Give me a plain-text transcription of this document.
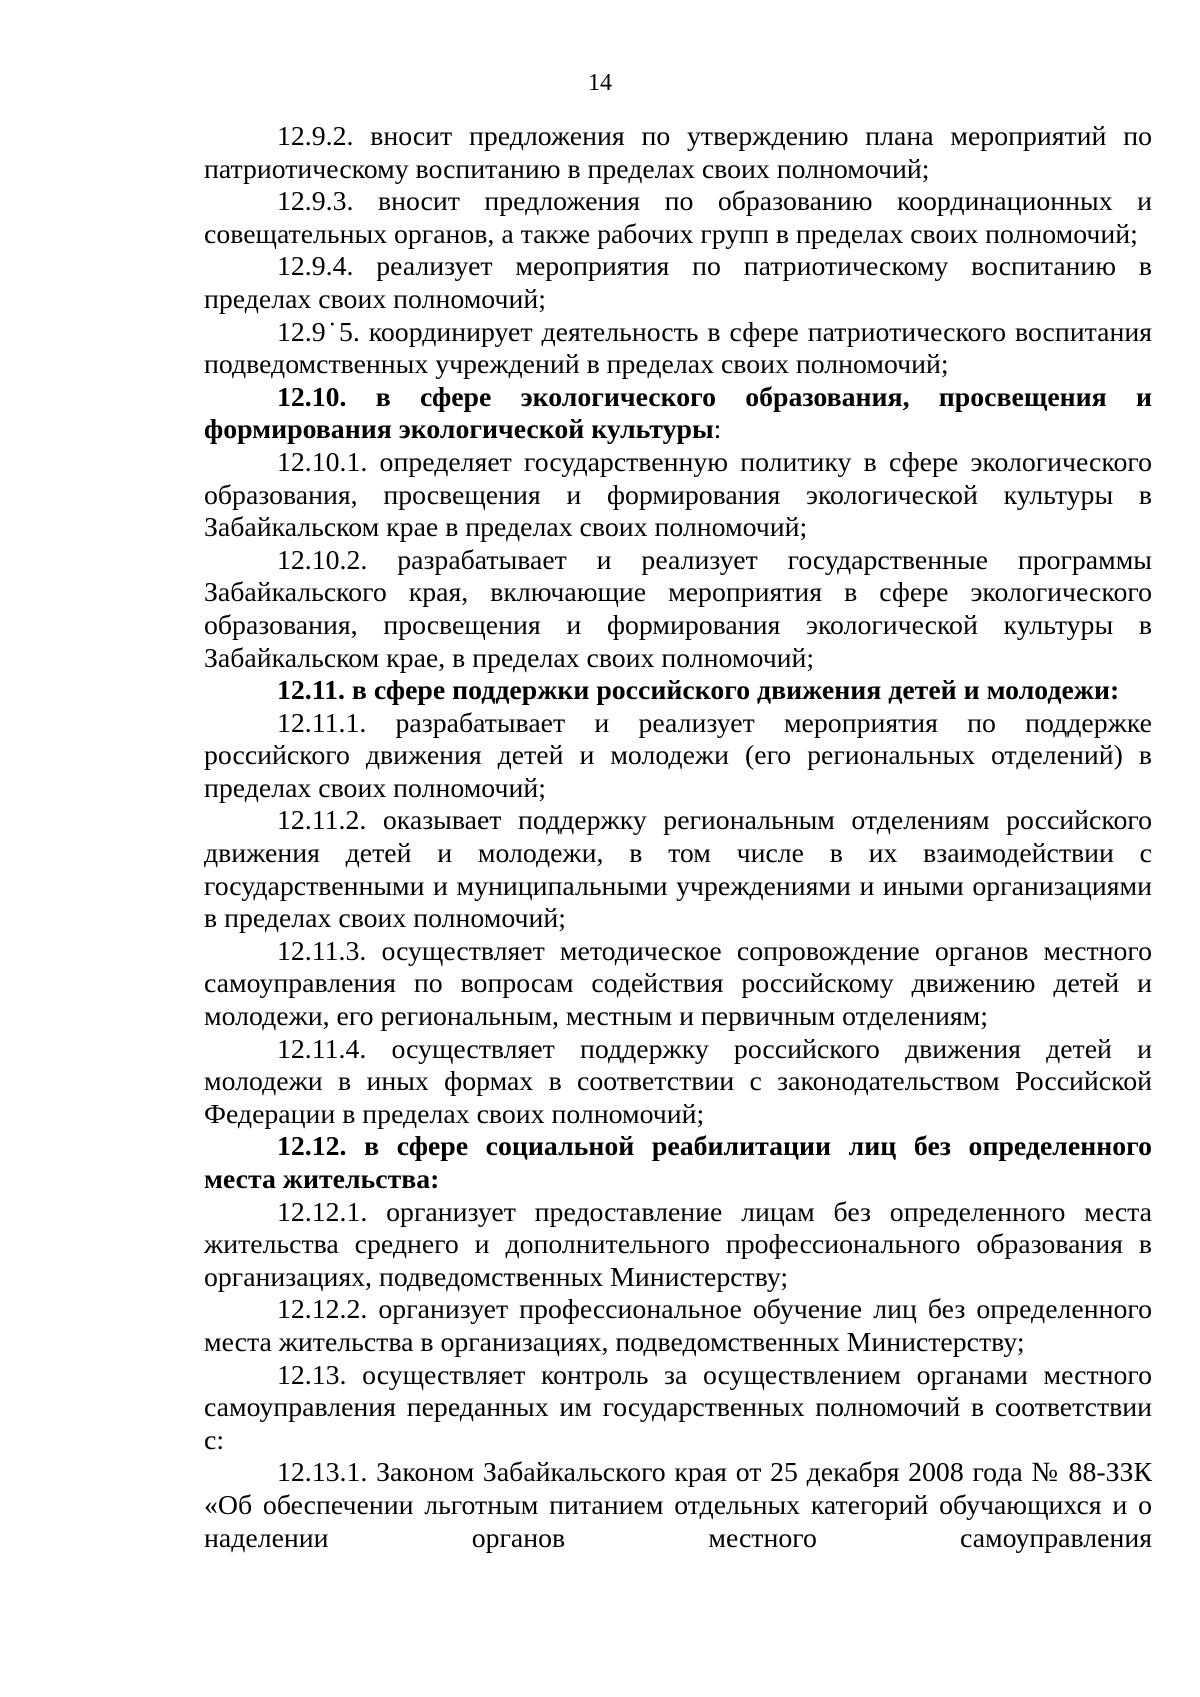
14

12.9.2. вносит предложения по утверждению плана мероприятий по патриотическому воспитанию в пределах своих полномочий;

12.9.3. вносит предложения по образованию координационных и совещательных органов, а также рабочих групп в пределах своих полномочий;

12.9.4. реализует мероприятия по патриотическому воспитанию в пределах своих полномочий;

12.9˙5. координирует деятельность в сфере патриотического воспитания подведомственных учреждений в пределах своих полномочий;

12.10. в сфере экологического образования, просвещения и формирования экологической культуры:

12.10.1. определяет государственную политику в сфере экологического образования, просвещения и формирования экологической культуры в Забайкальском крае в пределах своих полномочий;

12.10.2. разрабатывает и реализует государственные программы Забайкальского края, включающие мероприятия в сфере экологического образования, просвещения и формирования экологической культуры в Забайкальском крае, в пределах своих полномочий;

12.11. в сфере поддержки российского движения детей и молодежи:

12.11.1. разрабатывает и реализует мероприятия по поддержке российского движения детей и молодежи (его региональных отделений) в пределах своих полномочий;

12.11.2. оказывает поддержку региональным отделениям российского движения детей и молодежи, в том числе в их взаимодействии с государственными и муниципальными учреждениями и иными организациями в пределах своих полномочий;

12.11.3. осуществляет методическое сопровождение органов местного самоуправления по вопросам содействия российскому движению детей и молодежи, его региональным, местным и первичным отделениям;

12.11.4. осуществляет поддержку российского движения детей и молодежи в иных формах в соответствии с законодательством Российской Федерации в пределах своих полномочий;

12.12. в сфере социальной реабилитации лиц без определенного места жительства:

12.12.1. организует предоставление лицам без определенного места жительства среднего и дополнительного профессионального образования в организациях, подведомственных Министерству;

12.12.2. организует профессиональное обучение лиц без определенного места жительства в организациях, подведомственных Министерству;

12.13. осуществляет контроль за осуществлением органами местного самоуправления переданных им государственных полномочий в соответствии с:

12.13.1. Законом Забайкальского края от 25 декабря 2008 года № 88-ЗЗК «Об обеспечении льготным питанием отдельных категорий обучающихся и о наделении органов местного самоуправления
